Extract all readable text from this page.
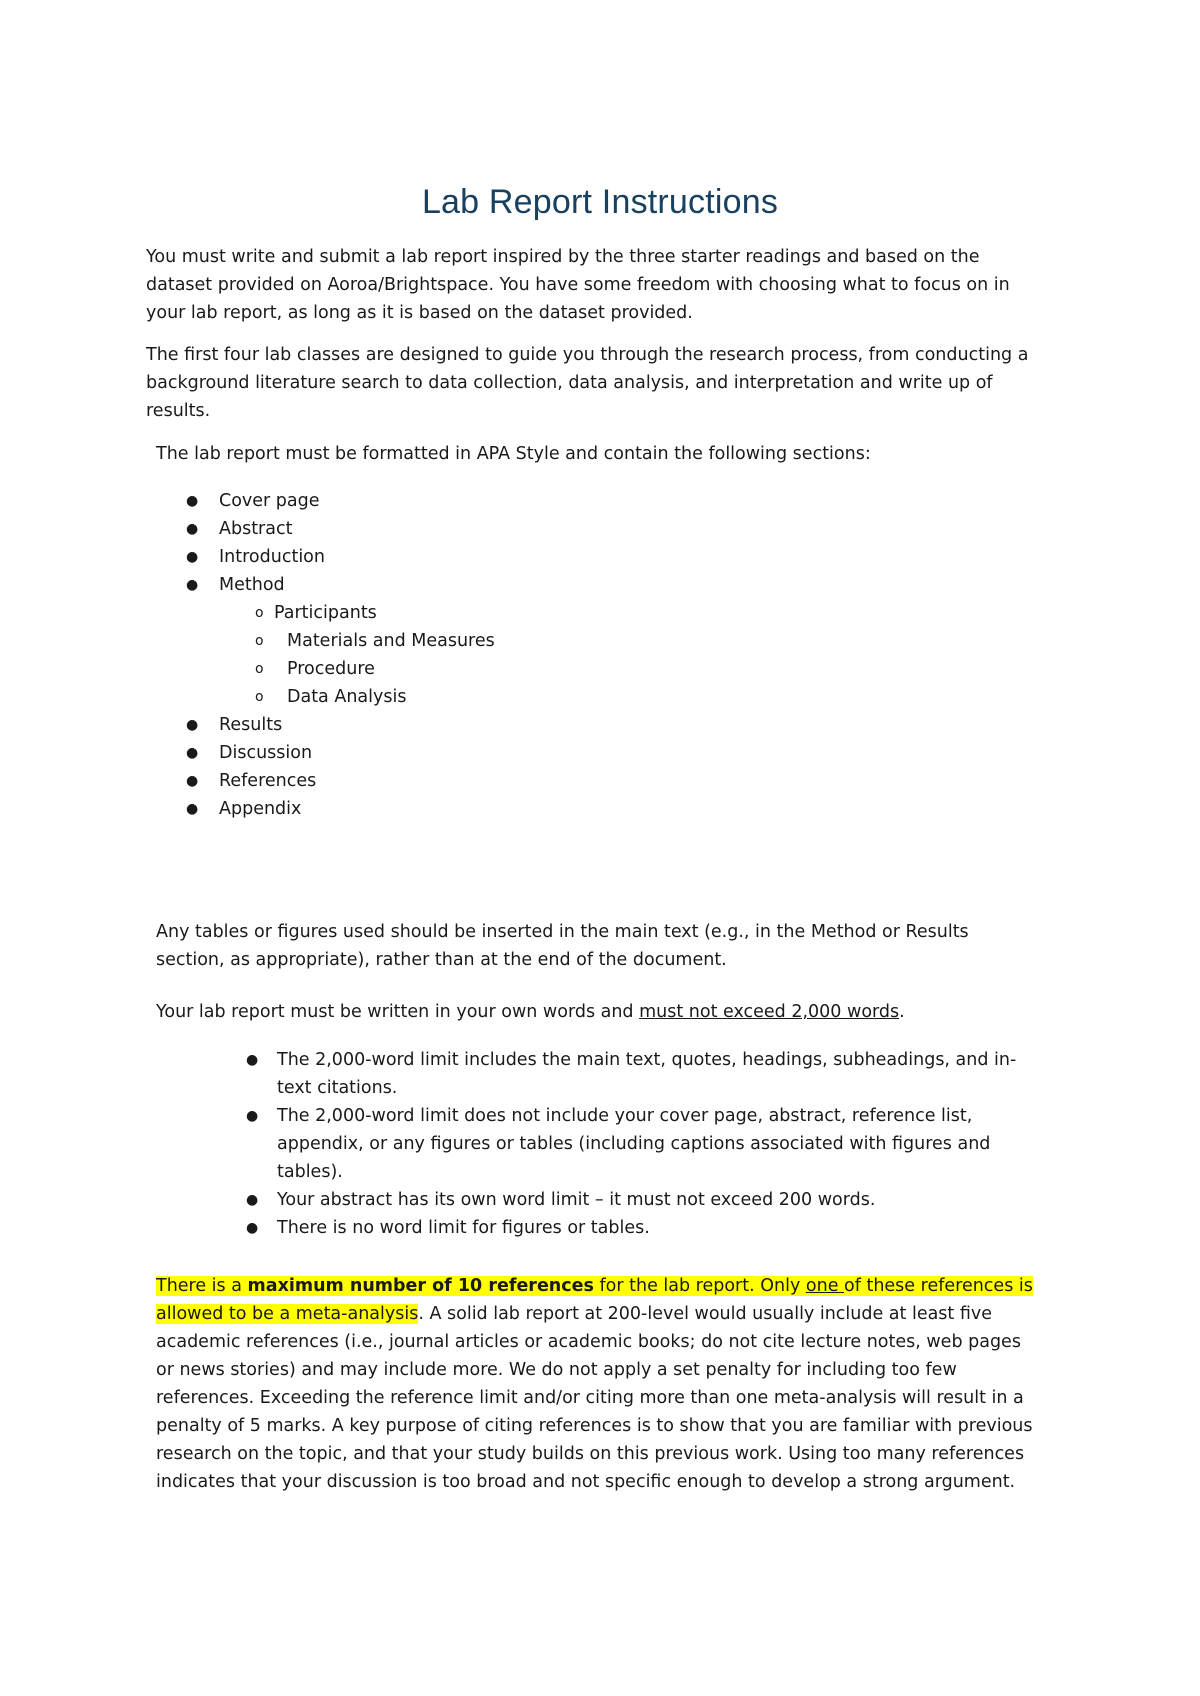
Lab Report Instructions

You must write and submit a lab report inspired by the three starter readings and based on the dataset provided on Aoroa/Brightspace. You have some freedom with choosing what to focus on in your lab report, as long as it is based on the dataset provided.

The first four lab classes are designed to guide you through the research process, from conducting a background literature search to data collection, data analysis, and interpretation and write up of results.

The lab report must be formatted in APA Style and contain the following sections:

● Cover page
● Abstract
● Introduction
● Method
o Participants
o Materials and Measures
o Procedure
o Data Analysis
● Results
● Discussion
● References
● Appendix

Any tables or figures used should be inserted in the main text (e.g., in the Method or Results section, as appropriate), rather than at the end of the document.

Your lab report must be written in your own words and must not exceed 2,000 words.

● The 2,000-word limit includes the main text, quotes, headings, subheadings, and in-text citations.
● The 2,000-word limit does not include your cover page, abstract, reference list, appendix, or any figures or tables (including captions associated with figures and tables).
● Your abstract has its own word limit – it must not exceed 200 words.
● There is no word limit for figures or tables.

There is a maximum number of 10 references for the lab report. Only one of these references is allowed to be a meta-analysis. A solid lab report at 200-level would usually include at least five academic references (i.e., journal articles or academic books; do not cite lecture notes, web pages or news stories) and may include more. We do not apply a set penalty for including too few references. Exceeding the reference limit and/or citing more than one meta-analysis will result in a penalty of 5 marks. A key purpose of citing references is to show that you are familiar with previous research on the topic, and that your study builds on this previous work. Using too many references indicates that your discussion is too broad and not specific enough to develop a strong argument.
